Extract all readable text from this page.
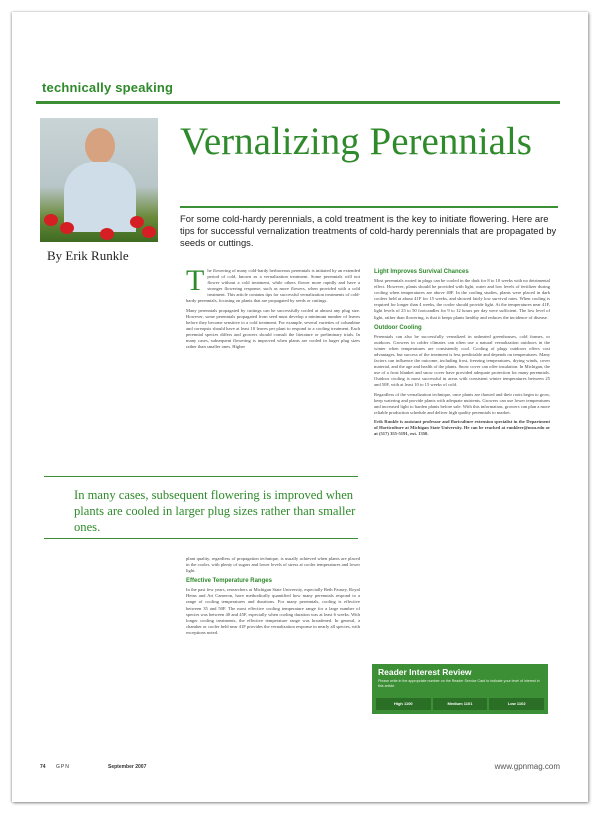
technically speaking
By Erik Runkle
Vernalizing Perennials
For some cold-hardy perennials, a cold treatment is the key to initiate flowering. Here are tips for successful vernalization treatments of cold-hardy perennials that are propagated by seeds or cuttings.
T he flowering of many cold-hardy herbaceous perennials is initiated by an extended period of cold, known as a vernalization treatment. Some perennials will not flower without a cold treatment, while others flower more rapidly and have a stronger flowering response, such as more flowers, when provided with a cold treatment. This article contains tips for successful vernalization treatments of cold-hardy perennials, focusing on plants that are propagated by seeds or cuttings.

Many perennials propagated by cuttings can be successfully cooled at almost any plug size. However, some perennials propagated from seed must develop a minimum number of leaves before they become sensitive to a cold treatment. For example, several varieties of columbine and coreopsis should have at least 10 leaves per plant to respond to a cooling treatment. Each perennial species differs and growers should consult the literature or preliminary trials. In many cases, subsequent flowering is improved when plants are cooled in larger plug sizes rather than smaller ones. Higher

In many cases, subsequent flowering is improved when plants are cooled in larger plug sizes rather than smaller ones.

plant quality, regardless of propagation technique, is usually achieved when plants are placed in the cooler, with plenty of sugars and lower levels of stress at cooler temperatures and lower light.

Effective Temperature Ranges

In the past few years, researchers at Michigan State University, especially Beth Fausey, Royal Heins and Art Cameron, have methodically quantified how many perennials respond to a range of cooling temperatures and durations. For many perennials, cooling is effective between 35 and 50F. The most effective cooling temperature range for a large number of species was between 40 and 45F, especially when cooling duration was at least 6 weeks. With longer cooling treatments, the effective temperature range was broadened. In general, a chamber or cooler held near 41F provides the vernalization response in nearly all species, with exceptions noted.

Light Improves Survival Chances

Most perennials rooted in plugs can be cooled in the dark for 8 to 10 weeks with no detrimental effect. However, plants should be provided with light, water and low levels of fertilizer during cooling when temperatures are above 40F. In the cooling studies, plants were placed in dark coolers held at about 41F for 15 weeks, and showed fairly low survival rates. When cooling is required for longer than 4 weeks, the cooler should provide light. At the temperatures near 41F, light levels of 25 to 50 footcandles for 9 to 12 hours per day were sufficient. The low level of light, rather than flowering, is that it keeps plants healthy and reduces the incidence of disease.

Outdoor Cooling

Perennials can also be successfully vernalized in unheated greenhouses, cold frames, or outdoors. Growers in colder climates can often use a natural vernalization outdoors in the winter when temperatures are consistently cool. Cooling of plugs outdoors offers cost advantages, but success of the treatment is less predictable and depends on temperatures. Many factors can influence the outcome, including frost, freezing temperatures, drying winds, cover material, and the age and health of the plants. Snow cover can offer insulation. In Michigan, the use of a frost blanket and snow cover have provided adequate protection for many perennials. Outdoor cooling is most successful in areas with consistent winter temperatures between 25 and 50F, with at least 10 to 15 weeks of cold.

Regardless of the vernalization technique, once plants are thawed and their roots begin to grow, keep watering and provide plants with adequate nutrients. Growers can use lower temperatures and increased light to harden plants before sale. With this information, growers can plan a more reliable production schedule and deliver high quality perennials to market.

Erik Runkle is assistant professor and floriculture extension specialist in the Department of Horticulture at Michigan State University. He can be reached at runkleer@msu.edu or at (517) 355-5191, ext. 1350.

Reader Interest Review
Please write in the appropriate number on the Reader Service Card to indicate your level of interest in this article.
High 1100	Medium 1101	Low 1102
74 GPN	September 2007	www.gpnmag.com
